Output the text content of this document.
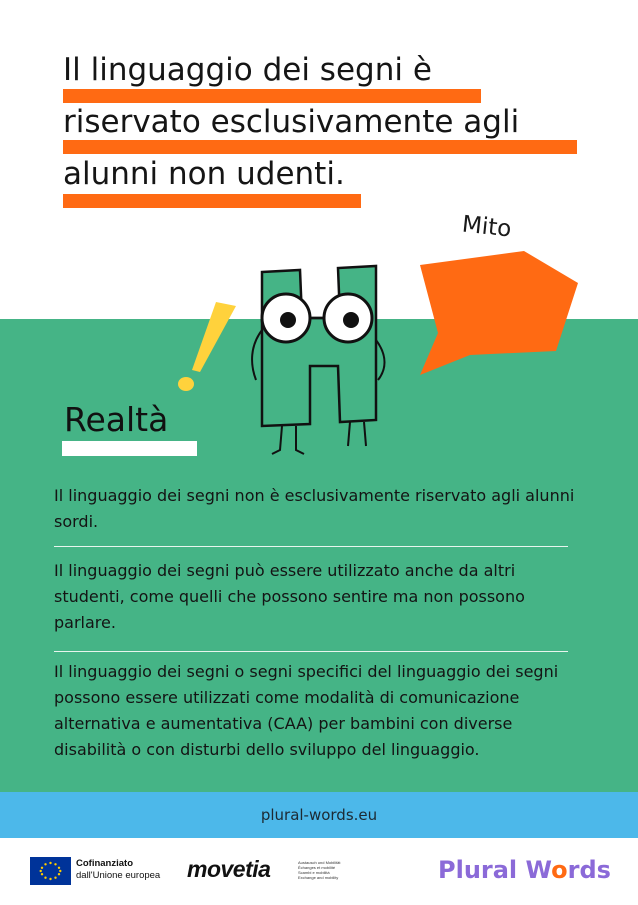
Il linguaggio dei segni è
riservato esclusivamente agli
alunni non udenti.
Mito
Realtà
Il linguaggio dei segni non è esclusivamente riservato agli alunni sordi.
Il linguaggio dei segni può essere utilizzato anche da altri studenti, come quelli che possono sentire ma non possono parlare.
Il linguaggio dei segni o segni specifici del linguaggio dei segni possono essere utilizzati come modalità di comunicazione alternativa e aumentativa (CAA) per bambini con diverse disabilità o con disturbi dello sviluppo del linguaggio.
plural-words.eu
Cofinanziato
dall'Unione europea movetia	Austausch und Mobilität
Échanges et mobilité
Scambi e mobilità
Exchange and mobility	Plural Words
